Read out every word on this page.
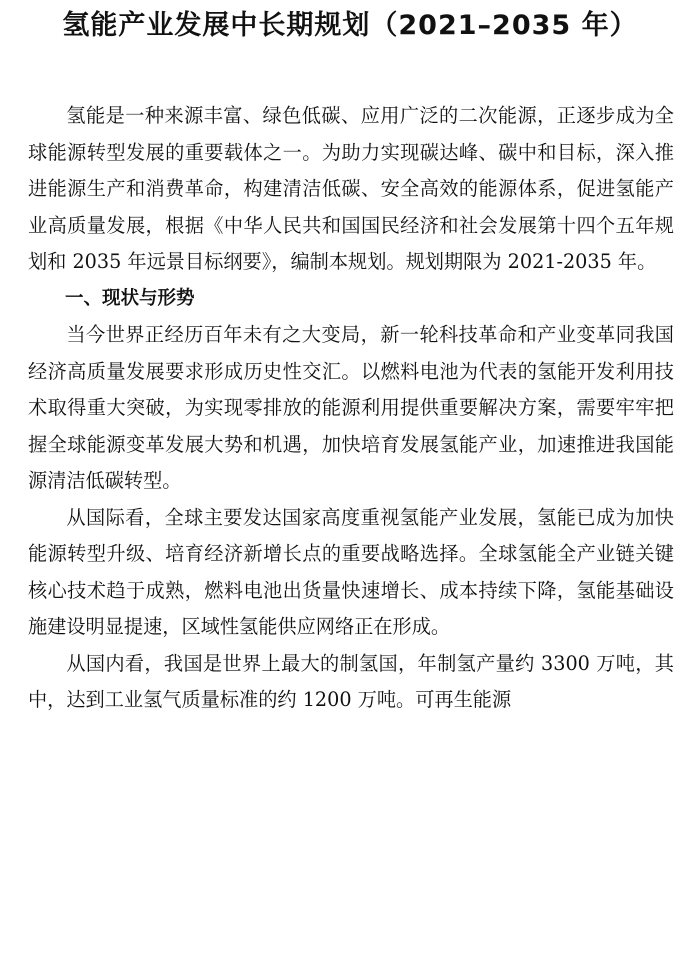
氢能产业发展中长期规划（2021–2035 年）

氢能是一种来源丰富、绿色低碳、应用广泛的二次能源，正逐步成为全球能源转型发展的重要载体之一。为助力实现碳达峰、碳中和目标，深入推进能源生产和消费革命，构建清洁低碳、安全高效的能源体系，促进氢能产业高质量发展，根据《中华人民共和国国民经济和社会发展第十四个五年规划和 2035 年远景目标纲要》，编制本规划。规划期限为 2021-2035 年。

一、现状与形势

当今世界正经历百年未有之大变局，新一轮科技革命和产业变革同我国经济高质量发展要求形成历史性交汇。以燃料电池为代表的氢能开发利用技术取得重大突破，为实现零排放的能源利用提供重要解决方案，需要牢牢把握全球能源变革发展大势和机遇，加快培育发展氢能产业，加速推进我国能源清洁低碳转型。

从国际看，全球主要发达国家高度重视氢能产业发展，氢能已成为加快能源转型升级、培育经济新增长点的重要战略选择。全球氢能全产业链关键核心技术趋于成熟，燃料电池出货量快速增长、成本持续下降，氢能基础设施建设明显提速，区域性氢能供应网络正在形成。

从国内看，我国是世界上最大的制氢国，年制氢产量约 3300 万吨，其中，达到工业氢气质量标准的约 1200 万吨。可再生能源
